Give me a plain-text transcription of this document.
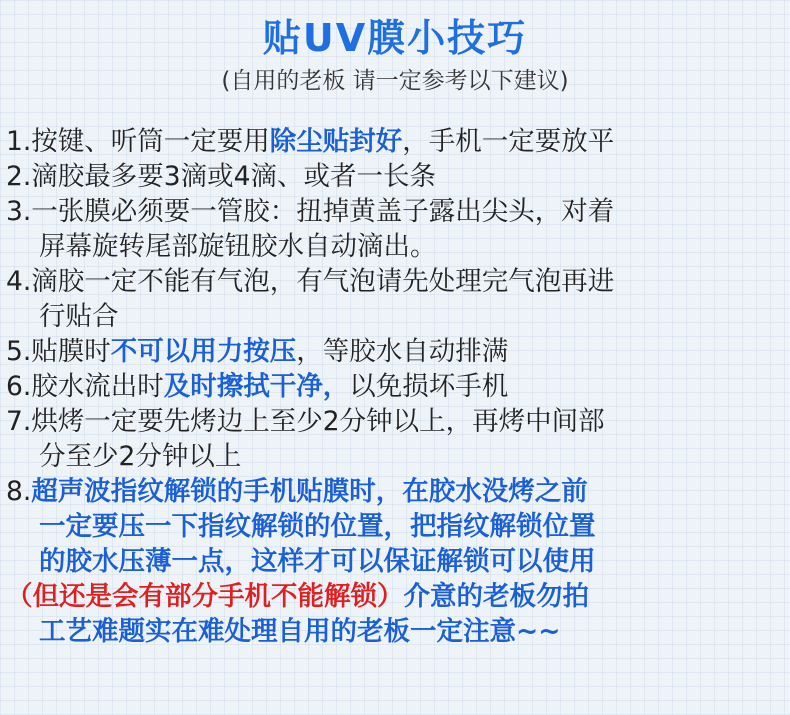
贴UV膜小技巧
(自用的老板 请一定参考以下建议)
1.按键、听筒一定要用除尘贴封好，手机一定要放平
2.滴胶最多要3滴或4滴、或者一长条
3.一张膜必须要一管胶：扭掉黄盖子露出尖头，对着
屏幕旋转尾部旋钮胶水自动滴出。
4.滴胶一定不能有气泡，有气泡请先处理完气泡再进
行贴合
5.贴膜时不可以用力按压，等胶水自动排满
6.胶水流出时及时擦拭干净，以免损坏手机
7.烘烤一定要先烤边上至少2分钟以上，再烤中间部
分至少2分钟以上
8.超声波指纹解锁的手机贴膜时，在胶水没烤之前
一定要压一下指纹解锁的位置，把指纹解锁位置
的胶水压薄一点，这样才可以保证解锁可以使用
（但还是会有部分手机不能解锁）介意的老板勿拍
工艺难题实在难处理自用的老板一定注意~~
